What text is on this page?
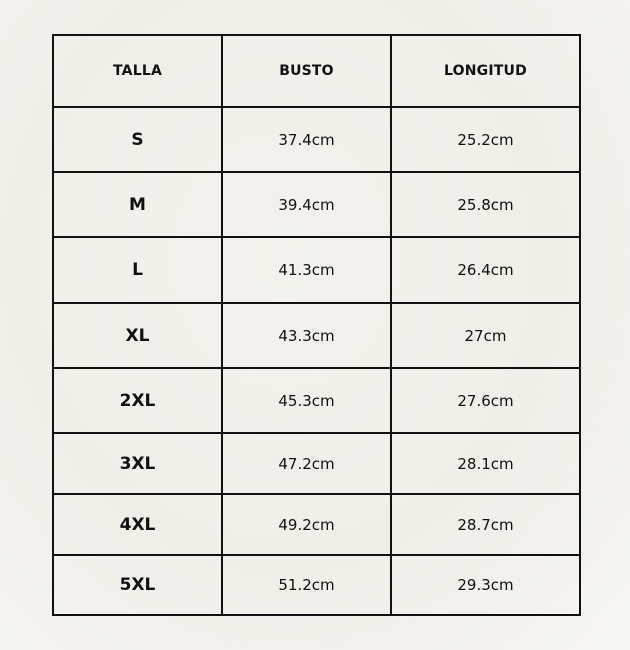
TALLA	BUSTO	LONGITUD
S	37.4cm	25.2cm
M	39.4cm	25.8cm
L	41.3cm	26.4cm
XL	43.3cm	27cm
2XL	45.3cm	27.6cm
3XL	47.2cm	28.1cm
4XL	49.2cm	28.7cm
5XL	51.2cm	29.3cm
